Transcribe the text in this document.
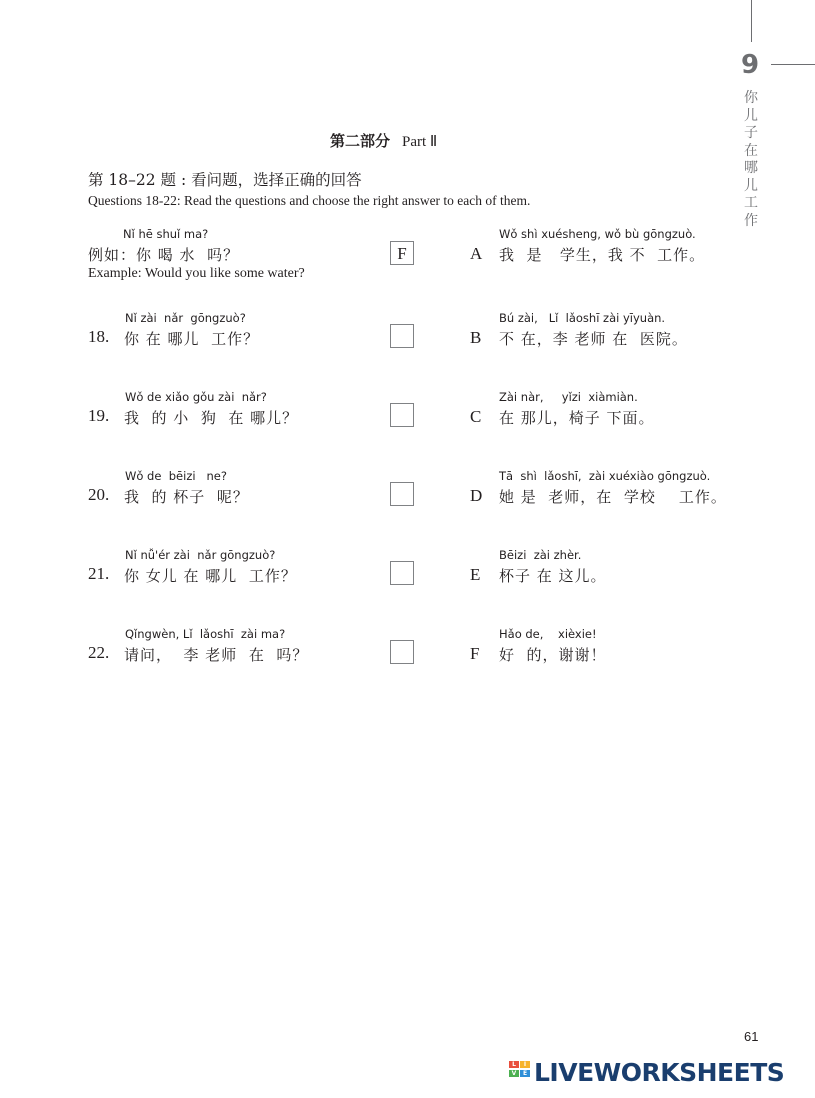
9
你儿子在哪儿工作
第二部分 Part Ⅱ
第 18–22 题 : 看问题，选择正确的回答
Questions 18-22: Read the questions and choose the right answer to each of them.
Nǐ hē shuǐ ma?
例如：你 喝 水  吗？	F
Example: Would you like some water?
Nǐ zài  nǎr  gōngzuò?
18. 你 在 哪儿  工作？
Wǒ de xiǎo gǒu zài  nǎr?
19. 我  的 小  狗  在 哪儿？
Wǒ de  bēizi   ne?
20. 我  的 杯子  呢？
Nǐ nǚ'ér zài  nǎr gōngzuò?
21. 你 女儿 在 哪儿  工作？
Qǐngwèn, Lǐ  lǎoshī  zài ma?
22. 请问，  李 老师  在  吗？
Wǒ shì xuésheng, wǒ bù gōngzuò.
A 我  是   学生，我 不  工作。
Bú zài,   Lǐ  lǎoshī zài yīyuàn.
B 不 在，李 老师 在  医院。
Zài nàr,     yǐzi  xiàmiàn.
C 在 那儿，椅子 下面。
Tā  shì  lǎoshī,  zài xuéxiào gōngzuò.
D 她 是  老师，在  学校    工作。
Bēizi  zài zhèr.
E 杯子 在 这儿。
Hǎo de,    xièxie!
F 好  的，谢谢！
61
L	I
V	E LIVEWORKSHEETS
